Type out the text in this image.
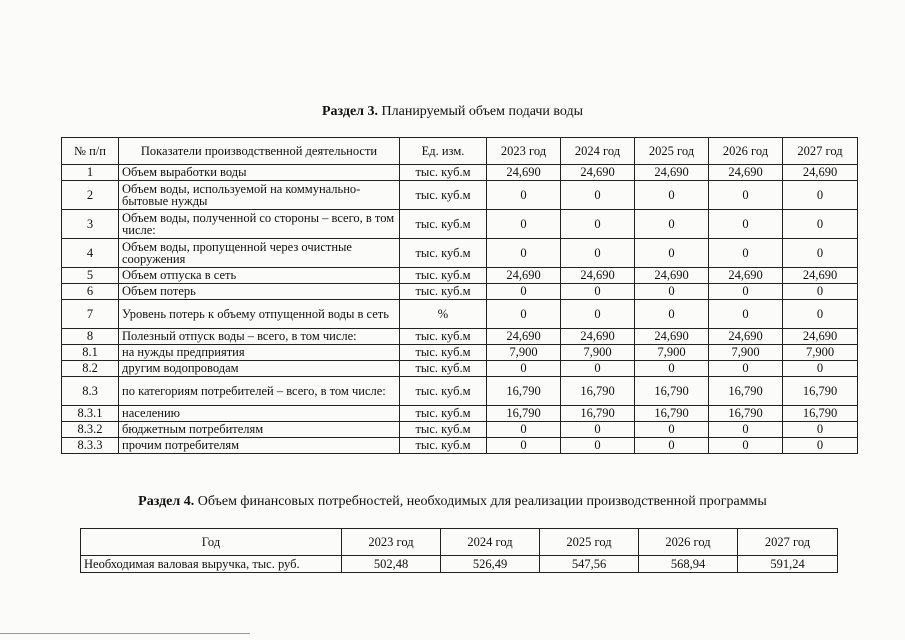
Раздел 3. Планируемый объем подачи воды
№ п/п	Показатели производственной деятельности	Ед. изм.	2023 год	2024 год	2025 год	2026 год	2027 год
1	Объем выработки воды	тыс. куб.м	24,690	24,690	24,690	24,690	24,690
2	Объем воды, используемой на коммунально-бытовые нужды	тыс. куб.м	0	0	0	0	0
3	Объем воды, полученной со стороны – всего, в том числе:	тыс. куб.м	0	0	0	0	0
4	Объем воды, пропущенной через очистные сооружения	тыс. куб.м	0	0	0	0	0
5	Объем отпуска в сеть	тыс. куб.м	24,690	24,690	24,690	24,690	24,690
6	Объем потерь	тыс. куб.м	0	0	0	0	0
7	Уровень потерь к объему отпущенной воды в сеть	%	0	0	0	0	0
8	Полезный отпуск воды – всего, в том числе:	тыс. куб.м	24,690	24,690	24,690	24,690	24,690
8.1	на нужды предприятия	тыс. куб.м	7,900	7,900	7,900	7,900	7,900
8.2	другим водопроводам	тыс. куб.м	0	0	0	0	0
8.3	по категориям потребителей – всего, в том числе:	тыс. куб.м	16,790	16,790	16,790	16,790	16,790
8.3.1	населению	тыс. куб.м	16,790	16,790	16,790	16,790	16,790
8.3.2	бюджетным потребителям	тыс. куб.м	0	0	0	0	0
8.3.3	прочим потребителям	тыс. куб.м	0	0	0	0	0
Раздел 4. Объем финансовых потребностей, необходимых для реализации производственной программы
Год	2023 год	2024 год	2025 год	2026 год	2027 год
Необходимая валовая выручка, тыс. руб.	502,48	526,49	547,56	568,94	591,24
